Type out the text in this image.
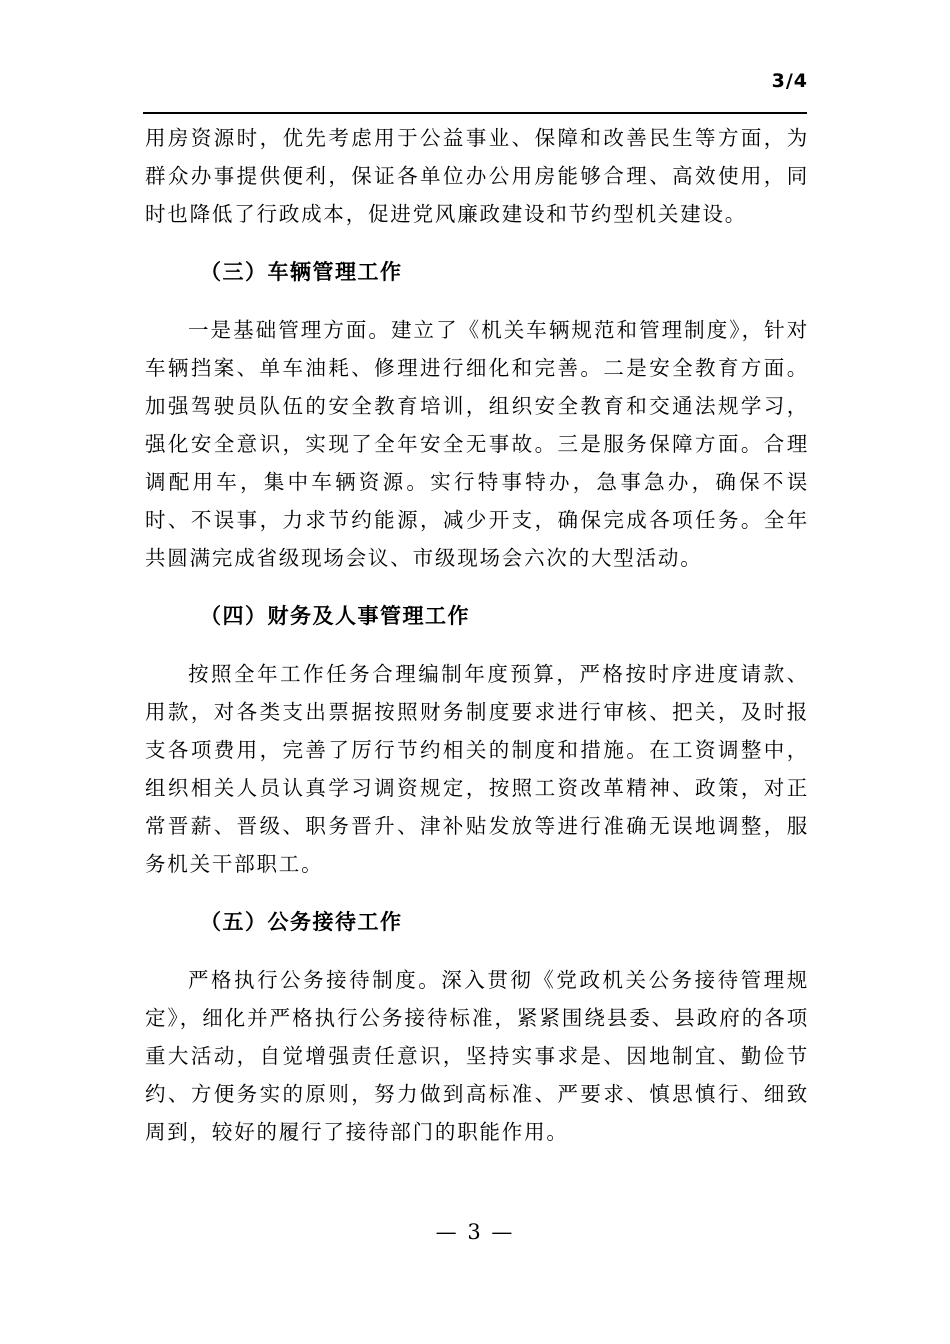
3/4

用房资源时，优先考虑用于公益事业、保障和改善民生等方面，为群众办事提供便利，保证各单位办公用房能够合理、高效使用，同时也降低了行政成本，促进党风廉政建设和节约型机关建设。

（三）车辆管理工作

一是基础管理方面。建立了《机关车辆规范和管理制度》，针对车辆挡案、单车油耗、修理进行细化和完善。二是安全教育方面。加强驾驶员队伍的安全教育培训，组织安全教育和交通法规学习，强化安全意识，实现了全年安全无事故。三是服务保障方面。合理调配用车，集中车辆资源。实行特事特办，急事急办，确保不误时、不误事，力求节约能源，减少开支，确保完成各项任务。全年共圆满完成省级现场会议、市级现场会六次的大型活动。

（四）财务及人事管理工作

按照全年工作任务合理编制年度预算，严格按时序进度请款、用款，对各类支出票据按照财务制度要求进行审核、把关，及时报支各项费用，完善了厉行节约相关的制度和措施。在工资调整中，组织相关人员认真学习调资规定，按照工资改革精神、政策，对正常晋薪、晋级、职务晋升、津补贴发放等进行准确无误地调整，服务机关干部职工。

（五）公务接待工作

严格执行公务接待制度。深入贯彻《党政机关公务接待管理规定》，细化并严格执行公务接待标准，紧紧围绕县委、县政府的各项重大活动，自觉增强责任意识，坚持实事求是、因地制宜、勤俭节约、方便务实的原则，努力做到高标准、严要求、慎思慎行、细致周到，较好的履行了接待部门的职能作用。

— 3 —
